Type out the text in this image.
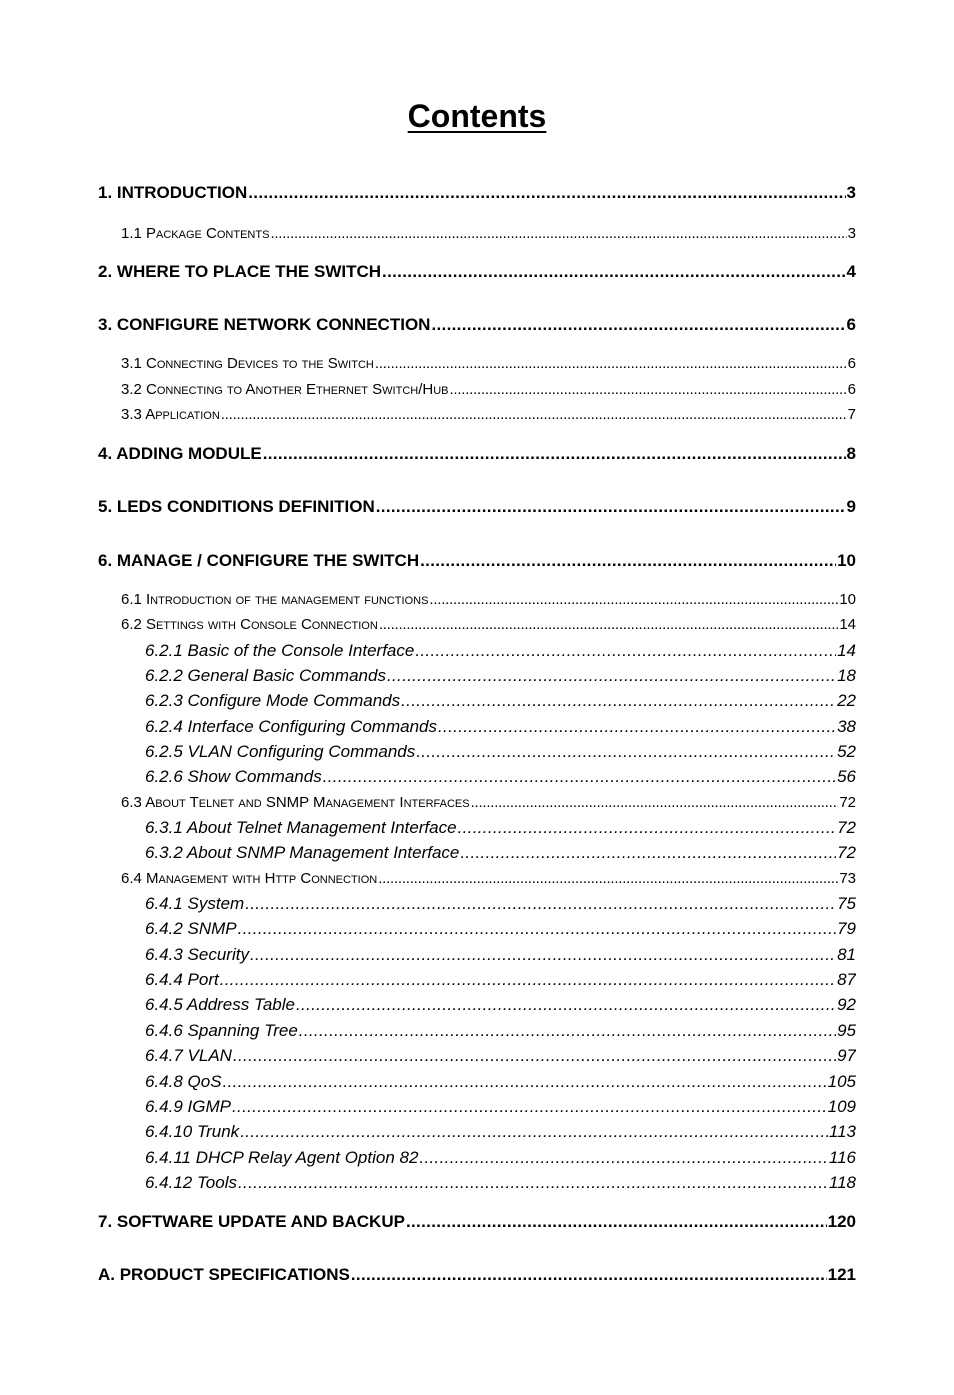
Contents
1. INTRODUCTION . . .	3
1.1 Package Contents . . .	3
2. WHERE TO PLACE THE SWITCH . . .	4
3. CONFIGURE NETWORK CONNECTION . . .	6
3.1 Connecting Devices to the Switch . . .	6
3.2 Connecting to Another Ethernet Switch/Hub . . .	6
3.3 Application . . .	7
4. ADDING MODULE . . .	8
5. LEDS CONDITIONS DEFINITION . . .	9
6. MANAGE / CONFIGURE THE SWITCH . . .	10
6.1 Introduction of the management functions . . .	10
6.2 Settings with Console Connection . . .	14
6.2.1 Basic of the Console Interface . . .	14
6.2.2 General Basic Commands . . .	18
6.2.3 Configure Mode Commands . . .	22
6.2.4 Interface Configuring Commands . . .	38
6.2.5 VLAN Configuring Commands . . .	52
6.2.6 Show Commands . . .	56
6.3 About Telnet and SNMP Management Interfaces . . .	72
6.3.1 About Telnet Management Interface . . .	72
6.3.2 About SNMP Management Interface . . .	72
6.4 Management with Http Connection . . .	73
6.4.1 System . . .	75
6.4.2 SNMP . . .	79
6.4.3 Security . . .	81
6.4.4 Port . . .	87
6.4.5 Address Table . . .	92
6.4.6 Spanning Tree . . .	95
6.4.7 VLAN . . .	97
6.4.8 QoS . . .	105
6.4.9 IGMP . . .	109
6.4.10 Trunk . . .	113
6.4.11 DHCP Relay Agent Option 82 . . .	116
6.4.12 Tools . . .	118
7. SOFTWARE UPDATE AND BACKUP . . .	120
A. PRODUCT SPECIFICATIONS . . .	121
